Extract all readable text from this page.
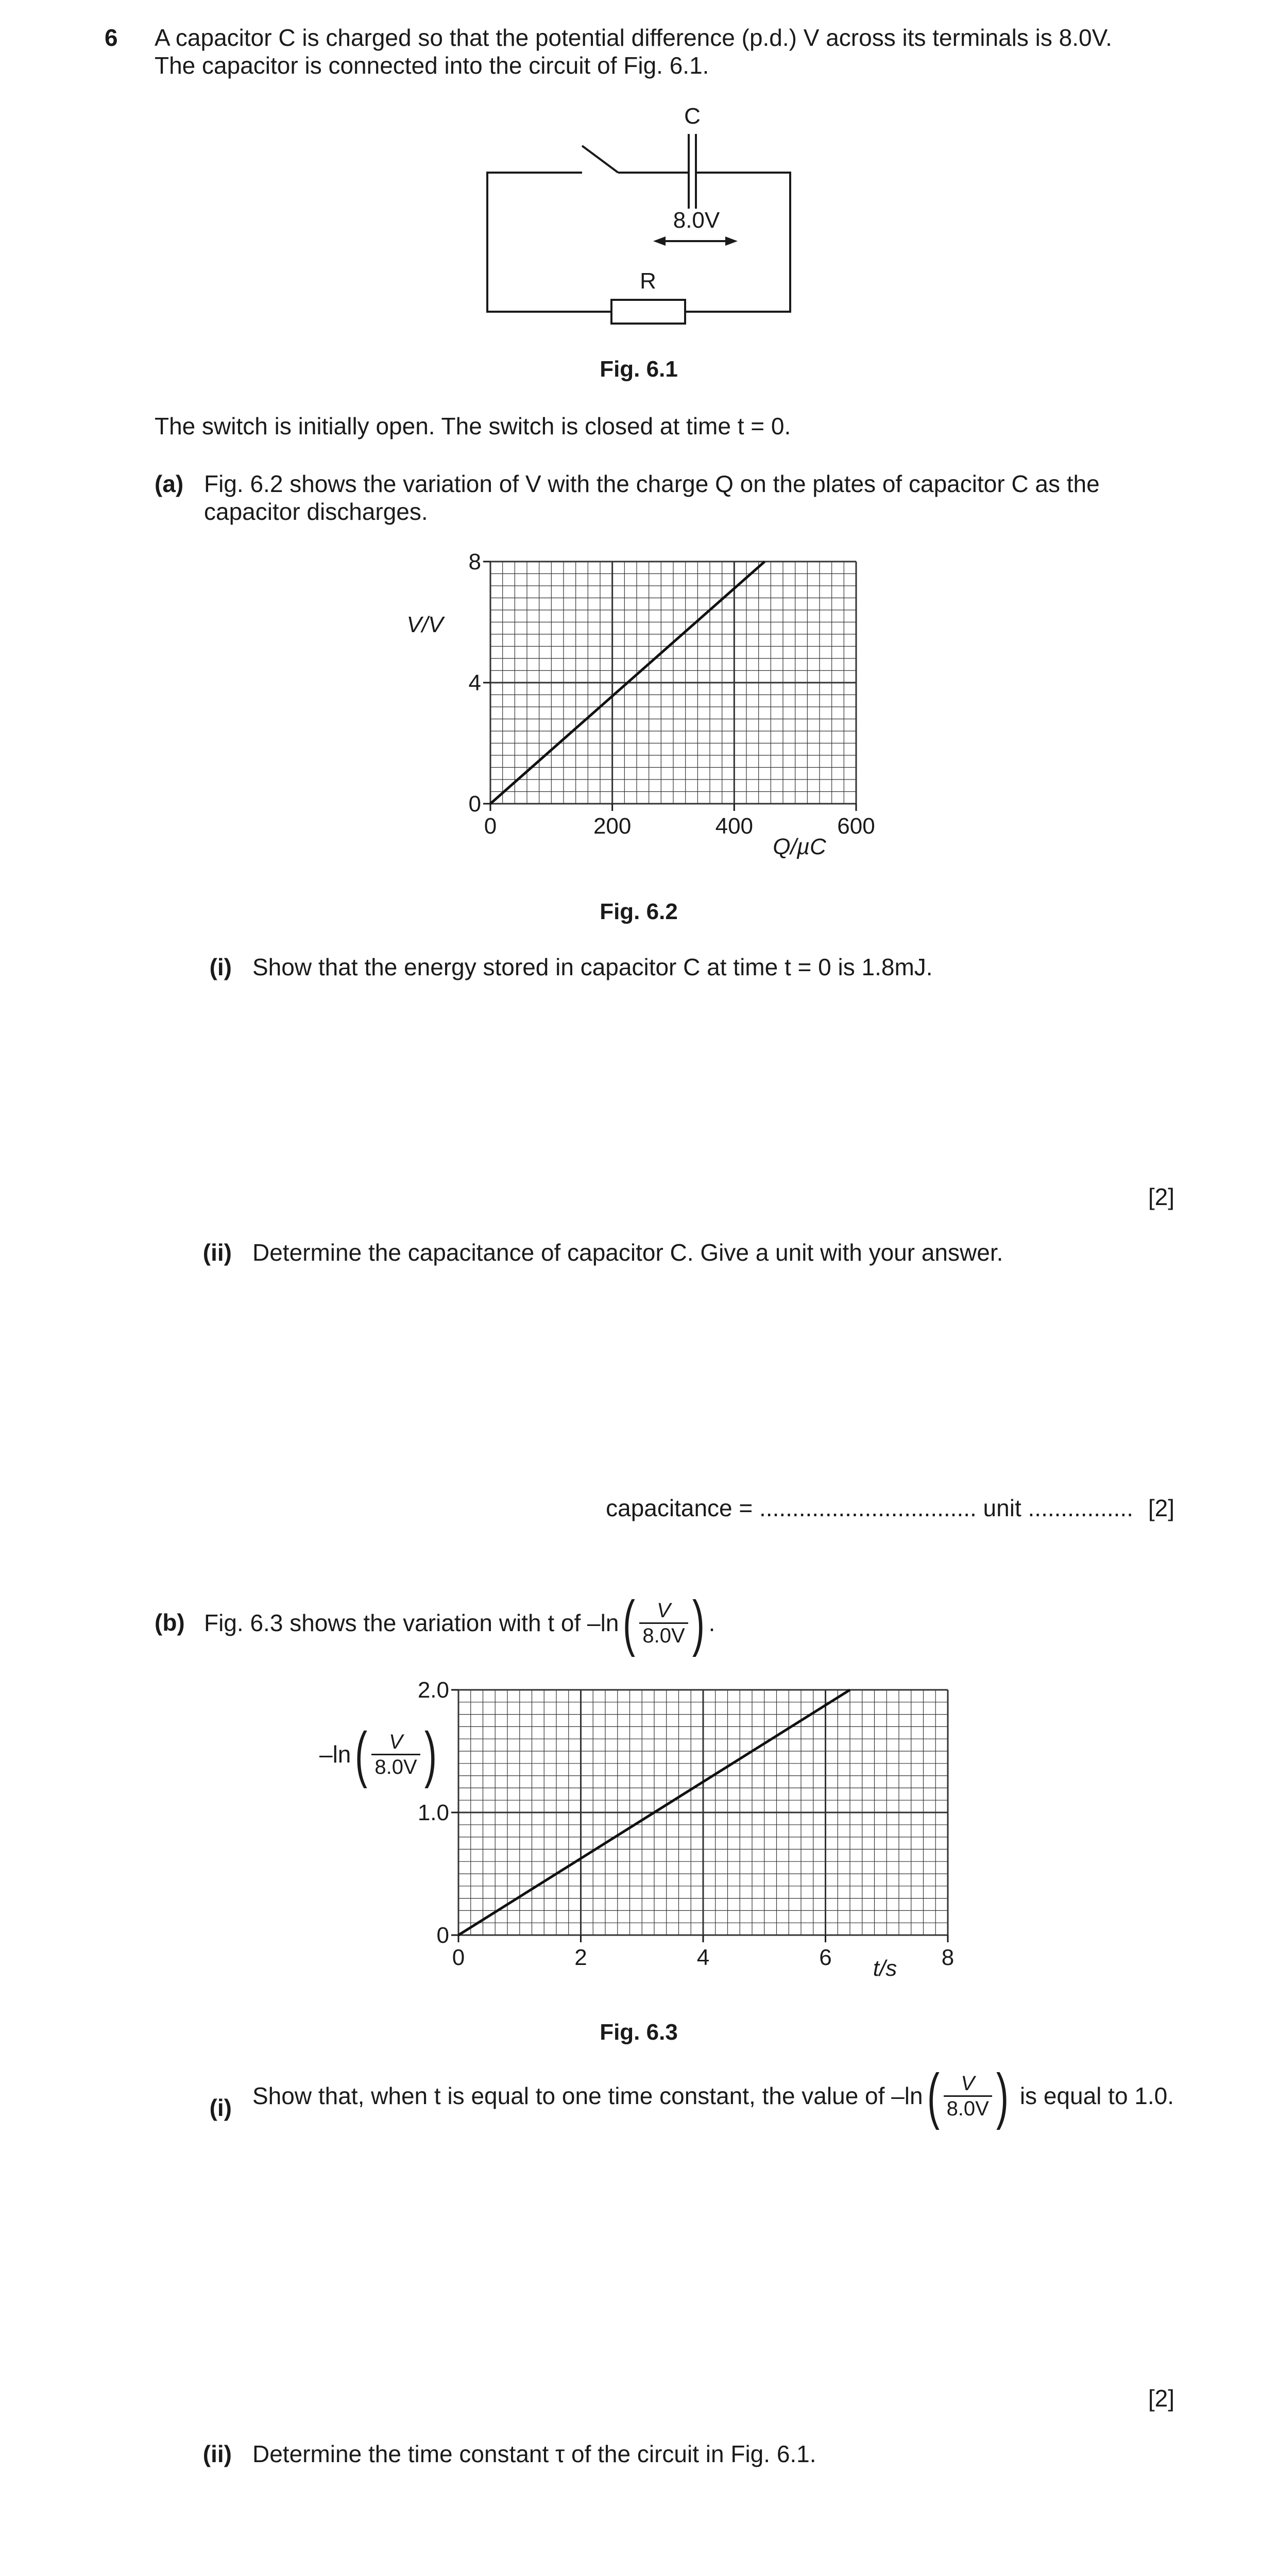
6 A capacitor C is charged so that the potential difference (p.d.) V across its terminals is 8.0V.
The capacitor is connected into the circuit of Fig. 6.1.
C
8.0V
R
Fig. 6.1
The switch is initially open. The switch is closed at time t = 0.
(a) Fig. 6.2 shows the variation of V with the charge Q on the plates of capacitor C as the
capacitor discharges.
0	200	400	600
0
4
8
V/V
Q/µC
Fig. 6.2
(i) Show that the energy stored in capacitor C at time t = 0 is 1.8mJ.
[2]
(ii) Determine the capacitance of capacitor C. Give a unit with your answer.
capacitance = ................................. unit ................ [2]
(b) Fig. 6.3 shows the variation with t of –ln ( $\frac{V}{8.0V}$ ) .
0	2	4	6	8
0
1.0
2.0
t/s
–ln ( $\frac{V}{8.0V}$ )
Fig. 6.3
(i) Show that, when t is equal to one time constant, the value of –ln ( $\frac{V}{8.0V}$ ) is equal to 1.0.
[2]
(ii) Determine the time constant τ of the circuit in Fig. 6.1.
